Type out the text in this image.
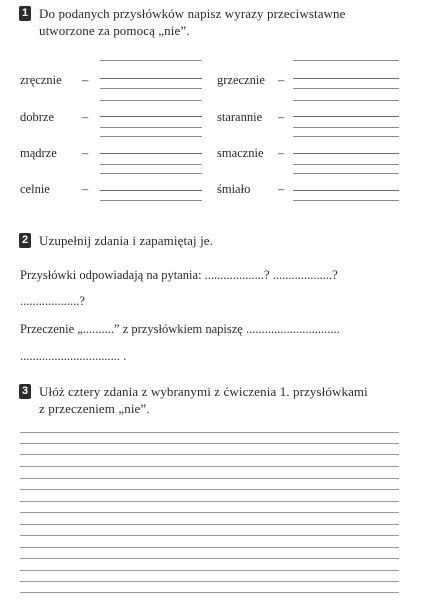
1 Do podanych przysłówków napisz wyrazy przeciwstawne
utworzone za pomocą „nie”.
zręcznie –	grzecznie –
dobrze –	starannie –
mądrze –	smacznie –
celnie	–	śmiało –
2 Uzupełnij zdania i zapamiętaj je.
Przysłówki odpowiadają na pytania: ...................? ...................?
...................?
Przeczenie „..........” z przysłówkiem napiszę ..............................
................................ .
3 Ułóż cztery zdania z wybranymi z ćwiczenia 1. przysłówkami
z przeczeniem „nie”.
